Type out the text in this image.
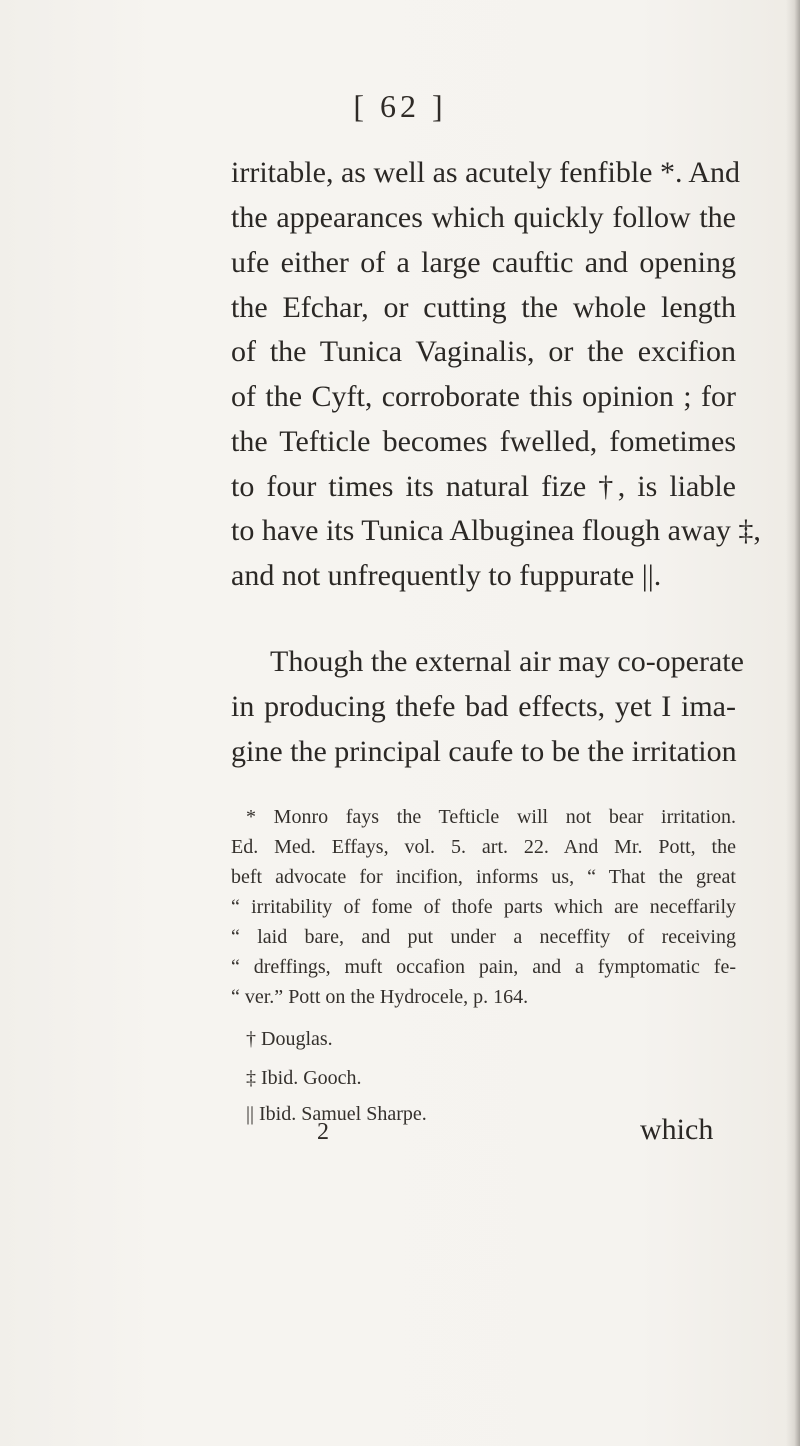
[ 62 ]
irritable, as well as acutely fenfible *. And
the appearances which quickly follow the
ufe either of a large cauftic and opening
the Efchar, or cutting the whole length
of the Tunica Vaginalis, or the excifion
of the Cyft, corroborate this opinion ; for
the Tefticle becomes fwelled, fometimes
to four times its natural fize †, is liable
to have its Tunica Albuginea flough away ‡,
and not unfrequently to fuppurate ||.
Though the external air may co-operate
in producing thefe bad effects, yet I ima-
gine the principal caufe to be the irritation
* Monro fays the Tefticle will not bear irritation.
Ed. Med. Effays, vol. 5. art. 22. And Mr. Pott, the
beft advocate for incifion, informs us, “ That the great
“ irritability of fome of thofe parts which are neceffarily
“ laid bare, and put under a neceffity of receiving
“ dreffings, muft occafion pain, and a fymptomatic fe-
“ ver.” Pott on the Hydrocele, p. 164.
† Douglas.
‡ Ibid. Gooch.
|| Ibid. Samuel Sharpe.
2	which
